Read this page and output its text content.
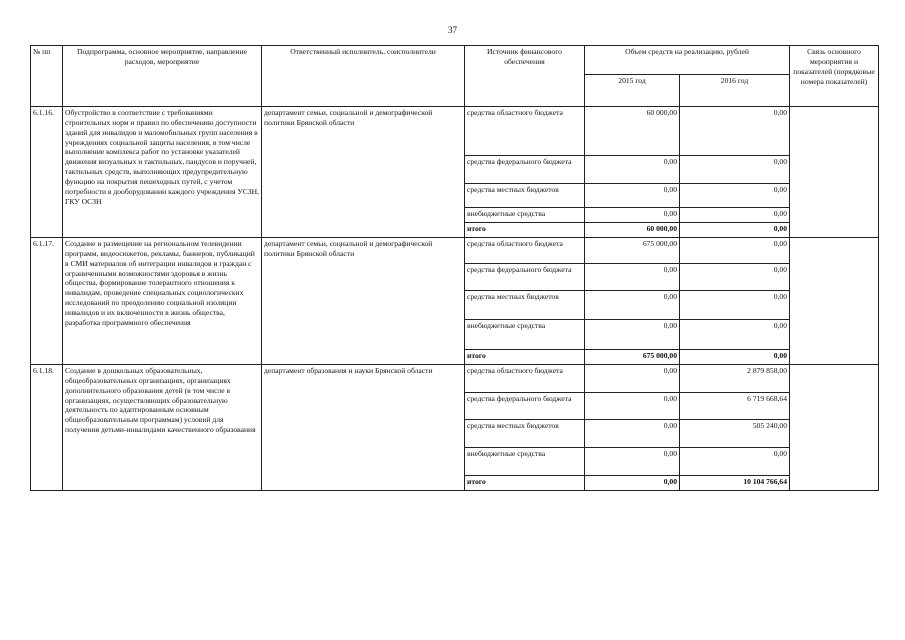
37
№ пп	Подпрограмма, основное мероприятие, направление расходов, мероприятие	Ответственный исполнитель, соисполнители	Источник финансового обеспечения	Объем средств на реализацию, рублей		Связь основного мероприятия и показателей (порядковые номера показателей)
				2015 год	2016 год	
6.1.16.	Обустройство в соответствие с требованиями строительных норм и правил по обеспечению доступности зданий для инвалидов и маломобильных групп населения в учреждениях социальной защиты населения, в том числе выполнение комплекса работ по установке указателей движения визуальных и тактильных, пандусов и поручней, тактильных средств, выполняющих предупредительную функцию на покрытия пешеходных путей, с учетом потребности в дооборудовании каждого учреждения УСЗН, ГКУ ОСЗН	департамент семьи, социальной и демографической политики Брянской области	средства областного бюджета	60 000,00	0,00	
			средства федерального бюджета	0,00	0,00	
			средства местных бюджетов	0,00	0,00	
			внебюджетные средства	0,00	0,00	
			итого	60 000,00	0,00	
6.1.17.	Создание и размещение на региональном телевидении программ, видеосюжетов, рекламы, баннеров, публикаций в СМИ материалов об интеграции инвалидов и граждан с ограниченными возможностями здоровья в жизнь общества, формирование толерантного отношения к инвалидам, проведение специальных социологических исследований по преодолению социальной изоляции инвалидов и их включенности в жизнь общества, разработка программного обеспечения	департамент семьи, социальной и демографической политики Брянской области	средства областного бюджета	675 000,00	0,00	
			средства федерального бюджета	0,00	0,00	
			средства местных бюджетов	0,00	0,00	
			внебюджетные средства	0,00	0,00	
			итого	675 000,00	0,00	
6.1.18.	Создание в дошкольных образовательных, общеобразовательных организациях, организациях дополнительного образования детей (в том числе в организациях, осуществляющих образовательную деятельность по адаптированным основным общеобразовательным программам) условий для получения детьми-инвалидами качественного образования	департамент образования и науки Брянской области	средства областного бюджета	0,00	2 879 858,00	
			средства федерального бюджета	0,00	6 719 668,64	
			средства местных бюджетов	0,00	505 240,00	
			внебюджетные средства	0,00	0,00	
			итого	0,00	10 104 766,64	
